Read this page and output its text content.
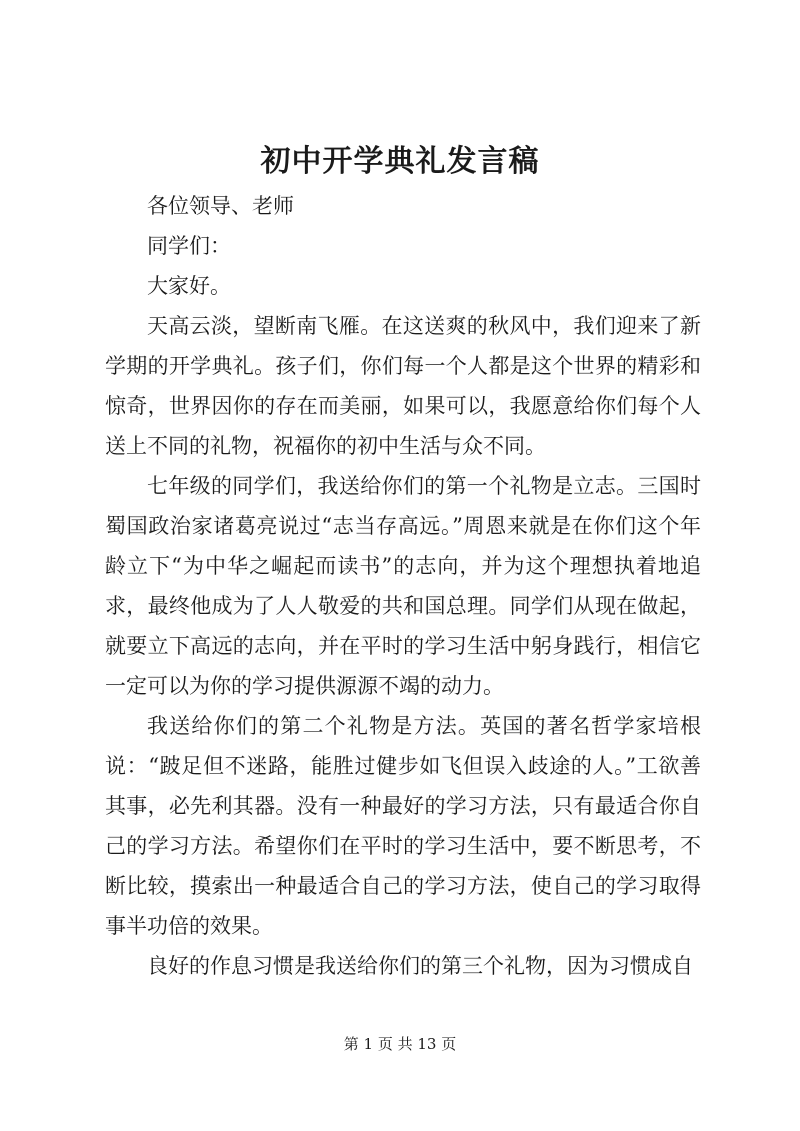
初中开学典礼发言稿

各位领导、老师

同学们：

大家好。

天高云淡，望断南飞雁。在这送爽的秋风中，我们迎来了新学期的开学典礼。孩子们，你们每一个人都是这个世界的精彩和惊奇，世界因你的存在而美丽，如果可以，我愿意给你们每个人送上不同的礼物，祝福你的初中生活与众不同。

七年级的同学们，我送给你们的第一个礼物是立志。三国时蜀国政治家诸葛亮说过“志当存高远。”周恩来就是在你们这个年龄立下“为中华之崛起而读书”的志向，并为这个理想执着地追求，最终他成为了人人敬爱的共和国总理。同学们从现在做起，就要立下高远的志向，并在平时的学习生活中躬身践行，相信它一定可以为你的学习提供源源不竭的动力。

我送给你们的第二个礼物是方法。英国的著名哲学家培根说：“跛足但不迷路，能胜过健步如飞但误入歧途的人。”工欲善其事，必先利其器。没有一种最好的学习方法，只有最适合你自己的学习方法。希望你们在平时的学习生活中，要不断思考，不断比较，摸索出一种最适合自己的学习方法，使自己的学习取得事半功倍的效果。

良好的作息习惯是我送给你们的第三个礼物，因为习惯成自

第 1 页 共 13 页
